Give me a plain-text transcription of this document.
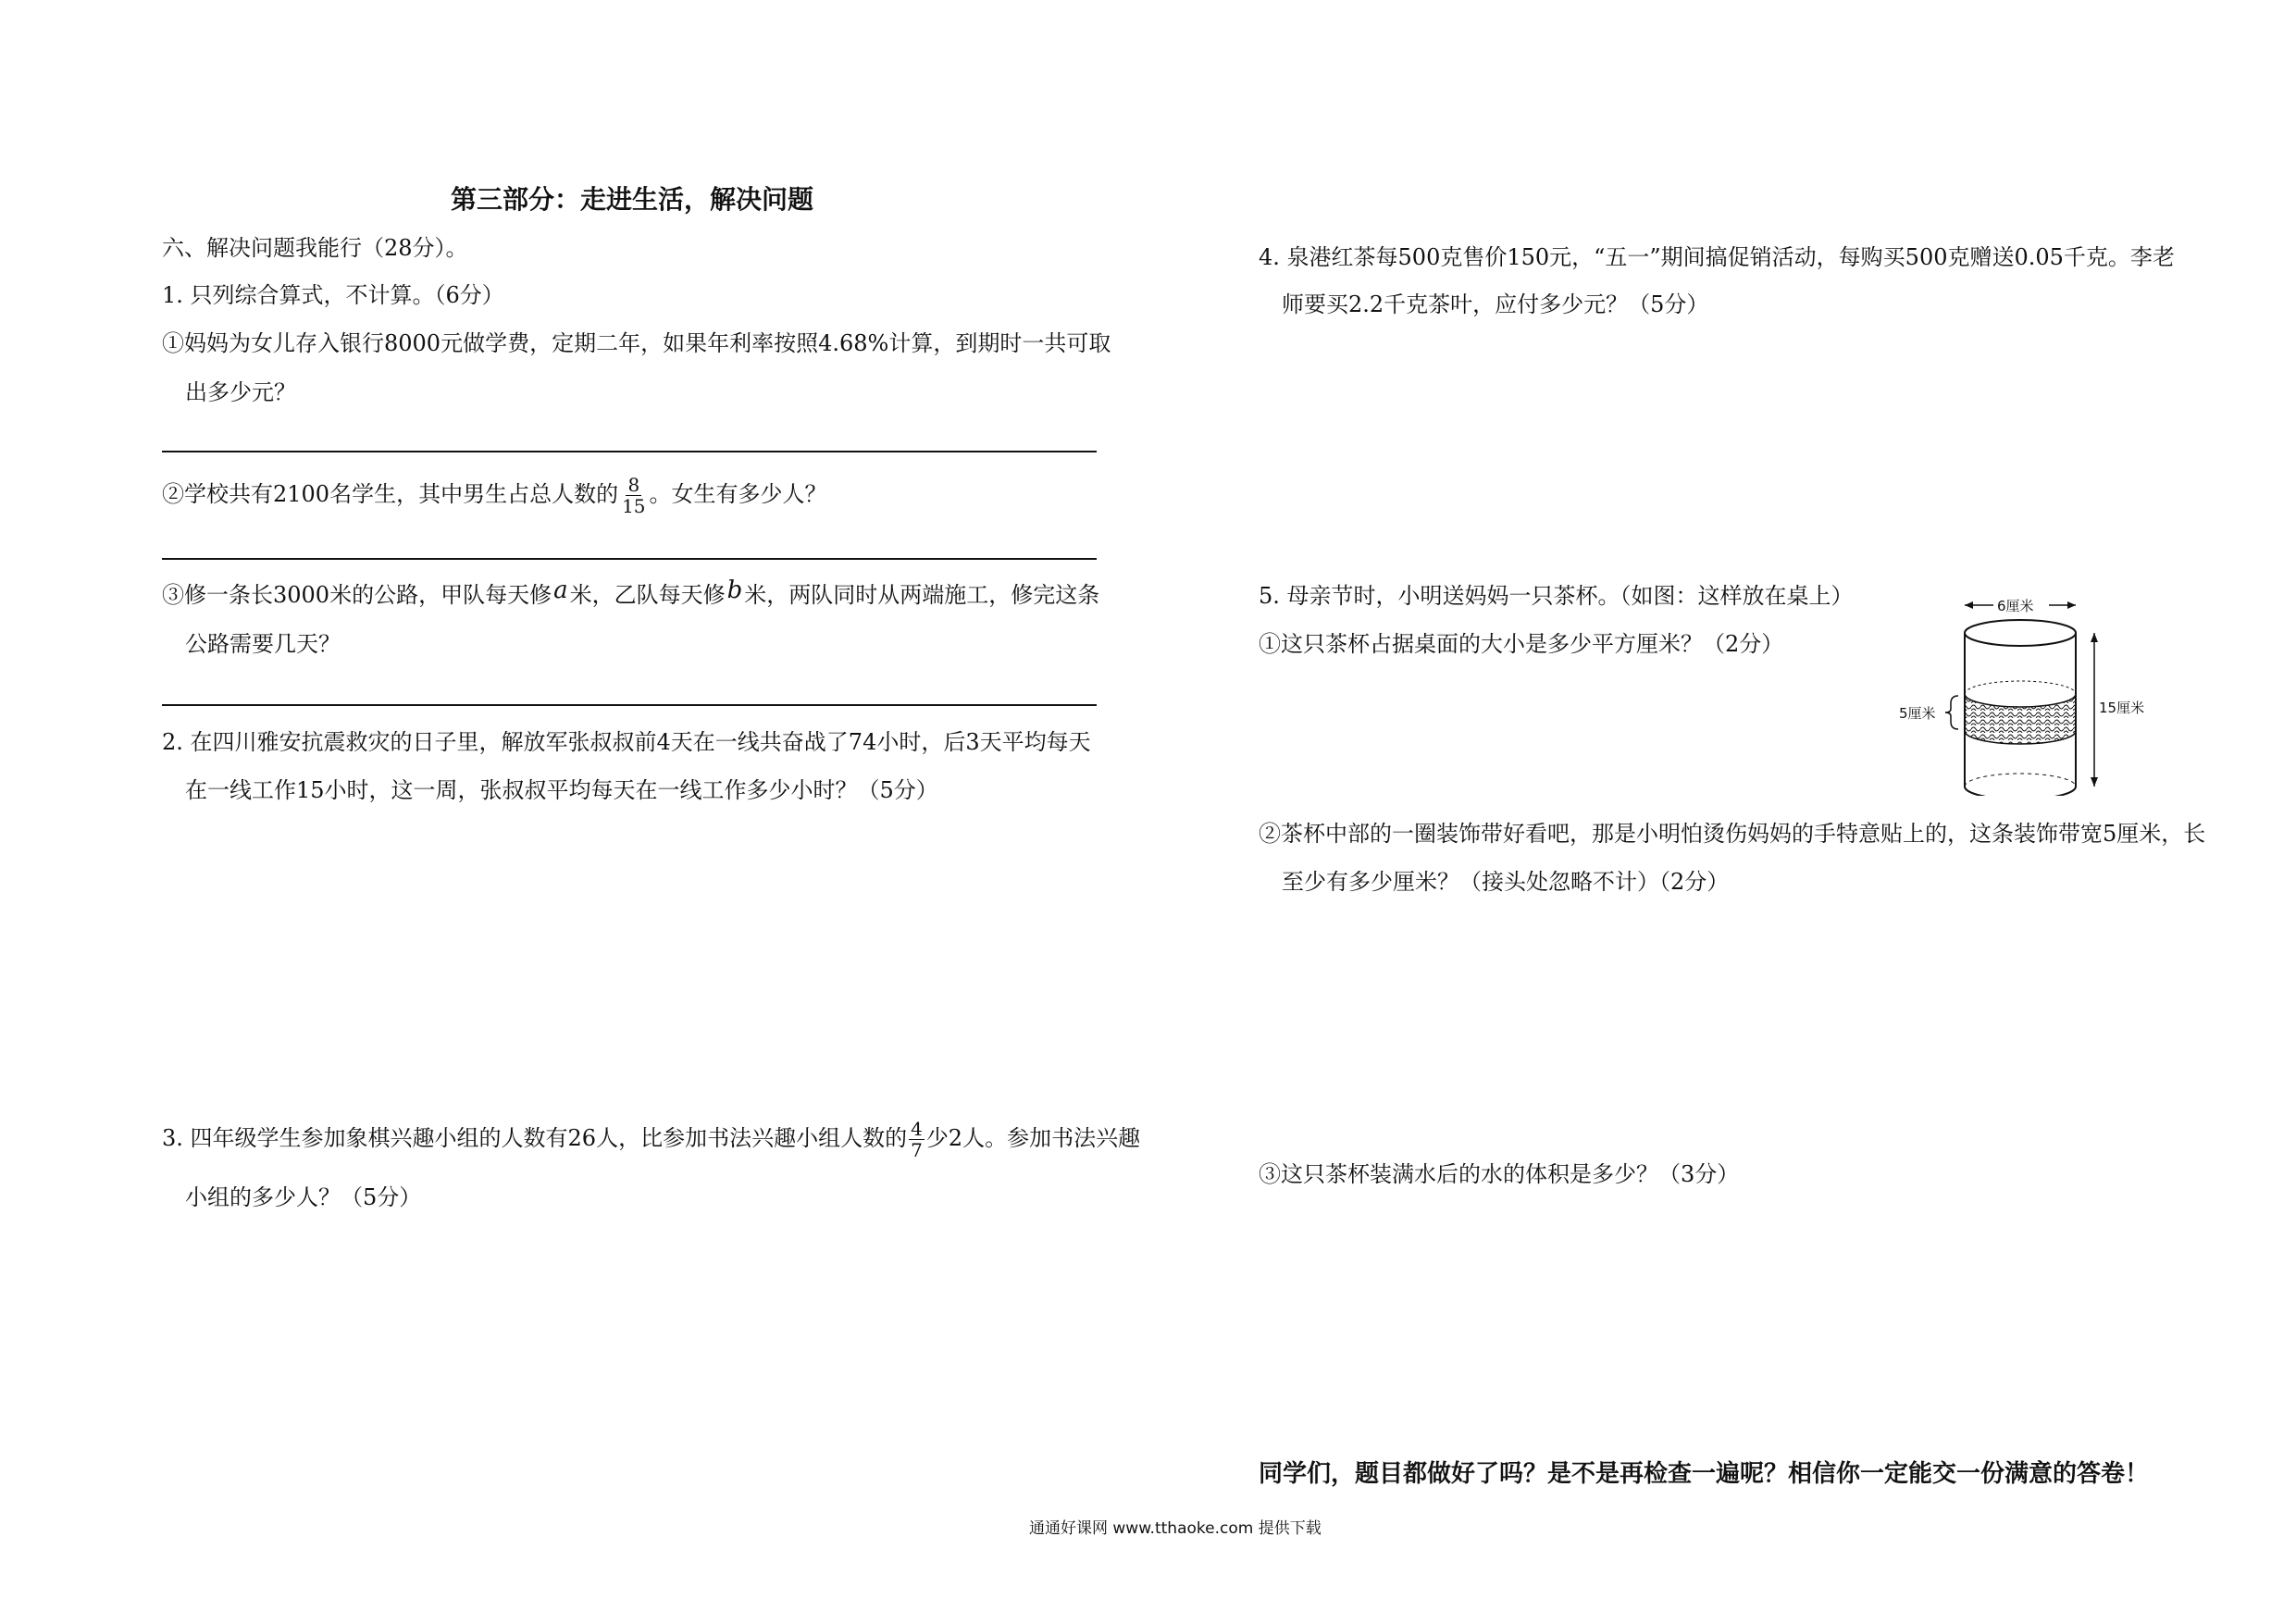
第三部分：走进生活，解决问题
六、解决问题我能行（28分）。
1. 只列综合算式，不计算。（6分）
①妈妈为女儿存入银行8000元做学费，定期二年，如果年利率按照4.68%计算，到期时一共可取
出多少元？
②学校共有2100名学生，其中男生占总人数的 $\frac{8}{15}$ 。女生有多少人？
③修一条长3000米的公路，甲队每天修a米，乙队每天修b米，两队同时从两端施工，修完这条
公路需要几天？
2. 在四川雅安抗震救灾的日子里，解放军张叔叔前4天在一线共奋战了74小时，后3天平均每天
在一线工作15小时，这一周，张叔叔平均每天在一线工作多少小时？（5分）
3. 四年级学生参加象棋兴趣小组的人数有26人，比参加书法兴趣小组人数的 $\frac{4}{7}$ 少2人。参加书法兴趣
小组的多少人？（5分）
4. 泉港红茶每500克售价150元，“五一”期间搞促销活动，每购买500克赠送0.05千克。李老
师要买2.2千克茶叶，应付多少元？（5分）
5. 母亲节时，小明送妈妈一只茶杯。（如图：这样放在桌上）
①这只茶杯占据桌面的大小是多少平方厘米？（2分）
6厘米
5厘米	15厘米
②茶杯中部的一圈装饰带好看吧，那是小明怕烫伤妈妈的手特意贴上的，这条装饰带宽5厘米，长
至少有多少厘米？（接头处忽略不计）（2分）
③这只茶杯装满水后的水的体积是多少？（3分）
同学们，题目都做好了吗？是不是再检查一遍呢？相信你一定能交一份满意的答卷！
通通好课网 www.tthaoke.com 提供下载
